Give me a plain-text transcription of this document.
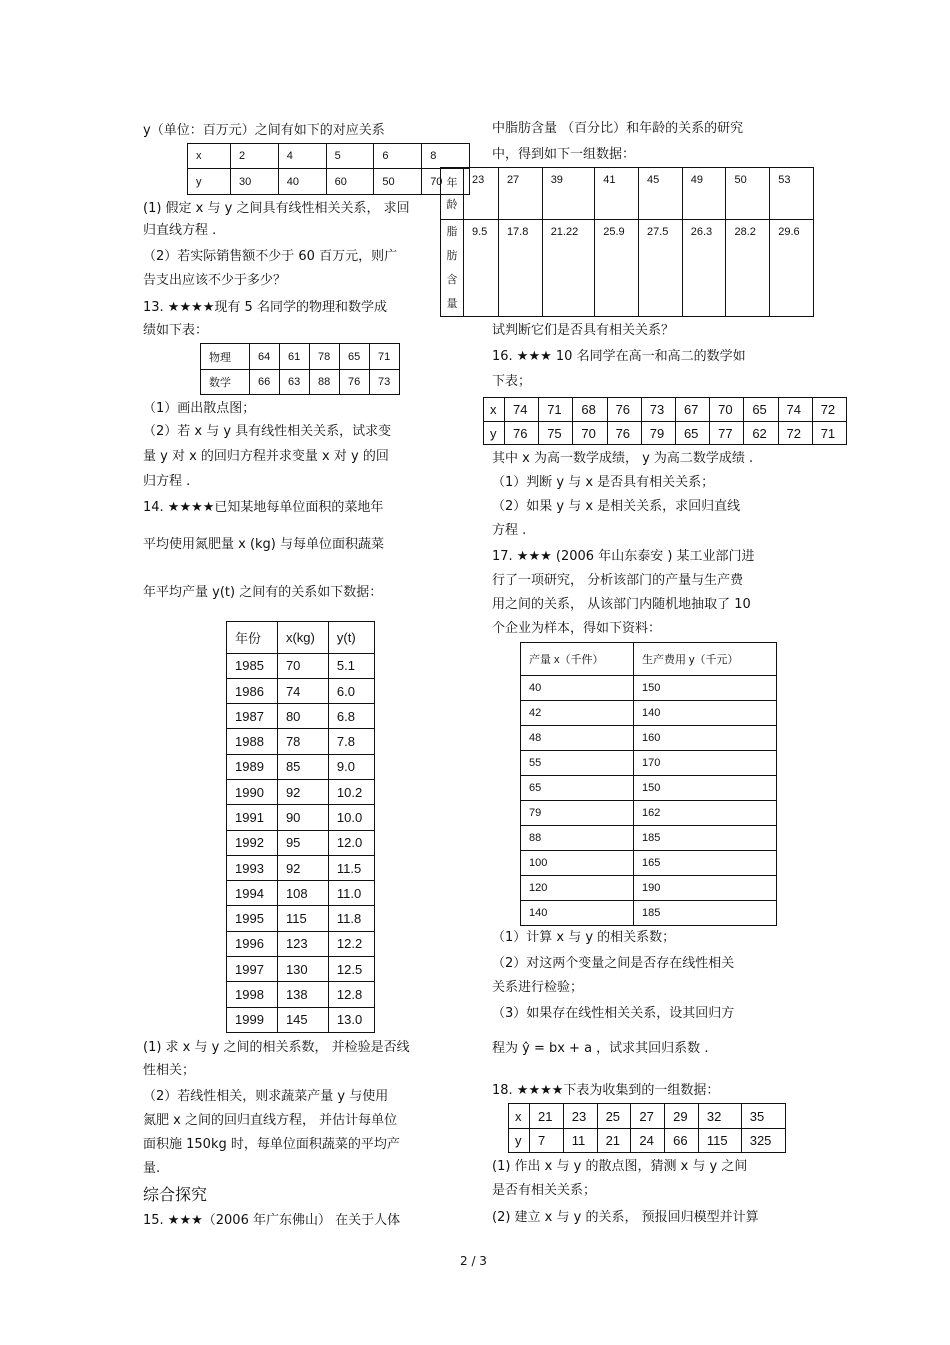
y（单位：百万元）之间有如下的对应关系
x	2	4	5	6	8
y	30	40	60	50	70
(1) 假定 x 与 y 之间具有线性相关关系， 求回
归直线方程 .
（2）若实际销售额不少于 60 百万元，则广
告支出应该不少于多少？
13. ★★★★现有 5 名同学的物理和数学成
绩如下表：
物理	64	61	78	65	71
数学	66	63	88	76	73
（1）画出散点图；
（2）若 x 与 y 具有线性相关关系，试求变
量 y 对 x 的回归方程并求变量 x 对 y 的回
归方程 .
14. ★★★★已知某地每单位面积的菜地年
平均使用氮肥量 x (kg) 与每单位面积蔬菜
年平均产量 y(t) 之间有的关系如下数据：
年份	x(kg)	y(t)
1985	70	5.1
1986	74	6.0
1987	80	6.8
1988	78	7.8
1989	85	9.0
1990	92	10.2
1991	90	10.0
1992	95	12.0
1993	92	11.5
1994	108	11.0
1995	115	11.8
1996	123	12.2
1997	130	12.5
1998	138	12.8
1999	145	13.0
(1) 求 x 与 y 之间的相关系数， 并检验是否线
性相关；
（2）若线性相关，则求蔬菜产量 y 与使用
氮肥 x 之间的回归直线方程， 并估计每单位
面积施 150kg 时，每单位面积蔬菜的平均产
量.
综合探究
15. ★★★（2006 年广东佛山） 在关于人体
中脂肪含量 （百分比）和年龄的关系的研究
中，得到如下一组数据：
年
龄	23	27	39	41	45	49	50	53
脂
肪
含
量	9.5	17.8	21.22	25.9	27.5	26.3	28.2	29.6
试判断它们是否具有相关关系？
16. ★★★ 10 名同学在高一和高二的数学如
下表；
x	74	71	68	76	73	67	70	65	74	72
y	76	75	70	76	79	65	77	62	72	71
其中 x 为高一数学成绩， y 为高二数学成绩 .
（1）判断 y 与 x 是否具有相关关系；
（2）如果 y 与 x 是相关关系，求回归直线
方程 .
17. ★★★ (2006 年山东泰安 ) 某工业部门进
行了一项研究， 分析该部门的产量与生产费
用之间的关系， 从该部门内随机地抽取了 10
个企业为样本，得如下资料：
产量 x（千件）	生产费用 y（千元）
40	150
42	140
48	160
55	170
65	150
79	162
88	185
100	165
120	190
140	185
（1）计算 x 与 y 的相关系数；
（2）对这两个变量之间是否存在线性相关
关系进行检验；
（3）如果存在线性相关关系，设其回归方
程为 ŷ = bx + a ，试求其回归系数 .
18. ★★★★下表为收集到的一组数据：
x	21	23	25	27	29	32	35
y	7	11	21	24	66	115	325
(1) 作出 x 与 y 的散点图，猜测 x 与 y 之间
是否有相关关系；
(2) 建立 x 与 y 的关系， 预报回归模型并计算
2 / 3
